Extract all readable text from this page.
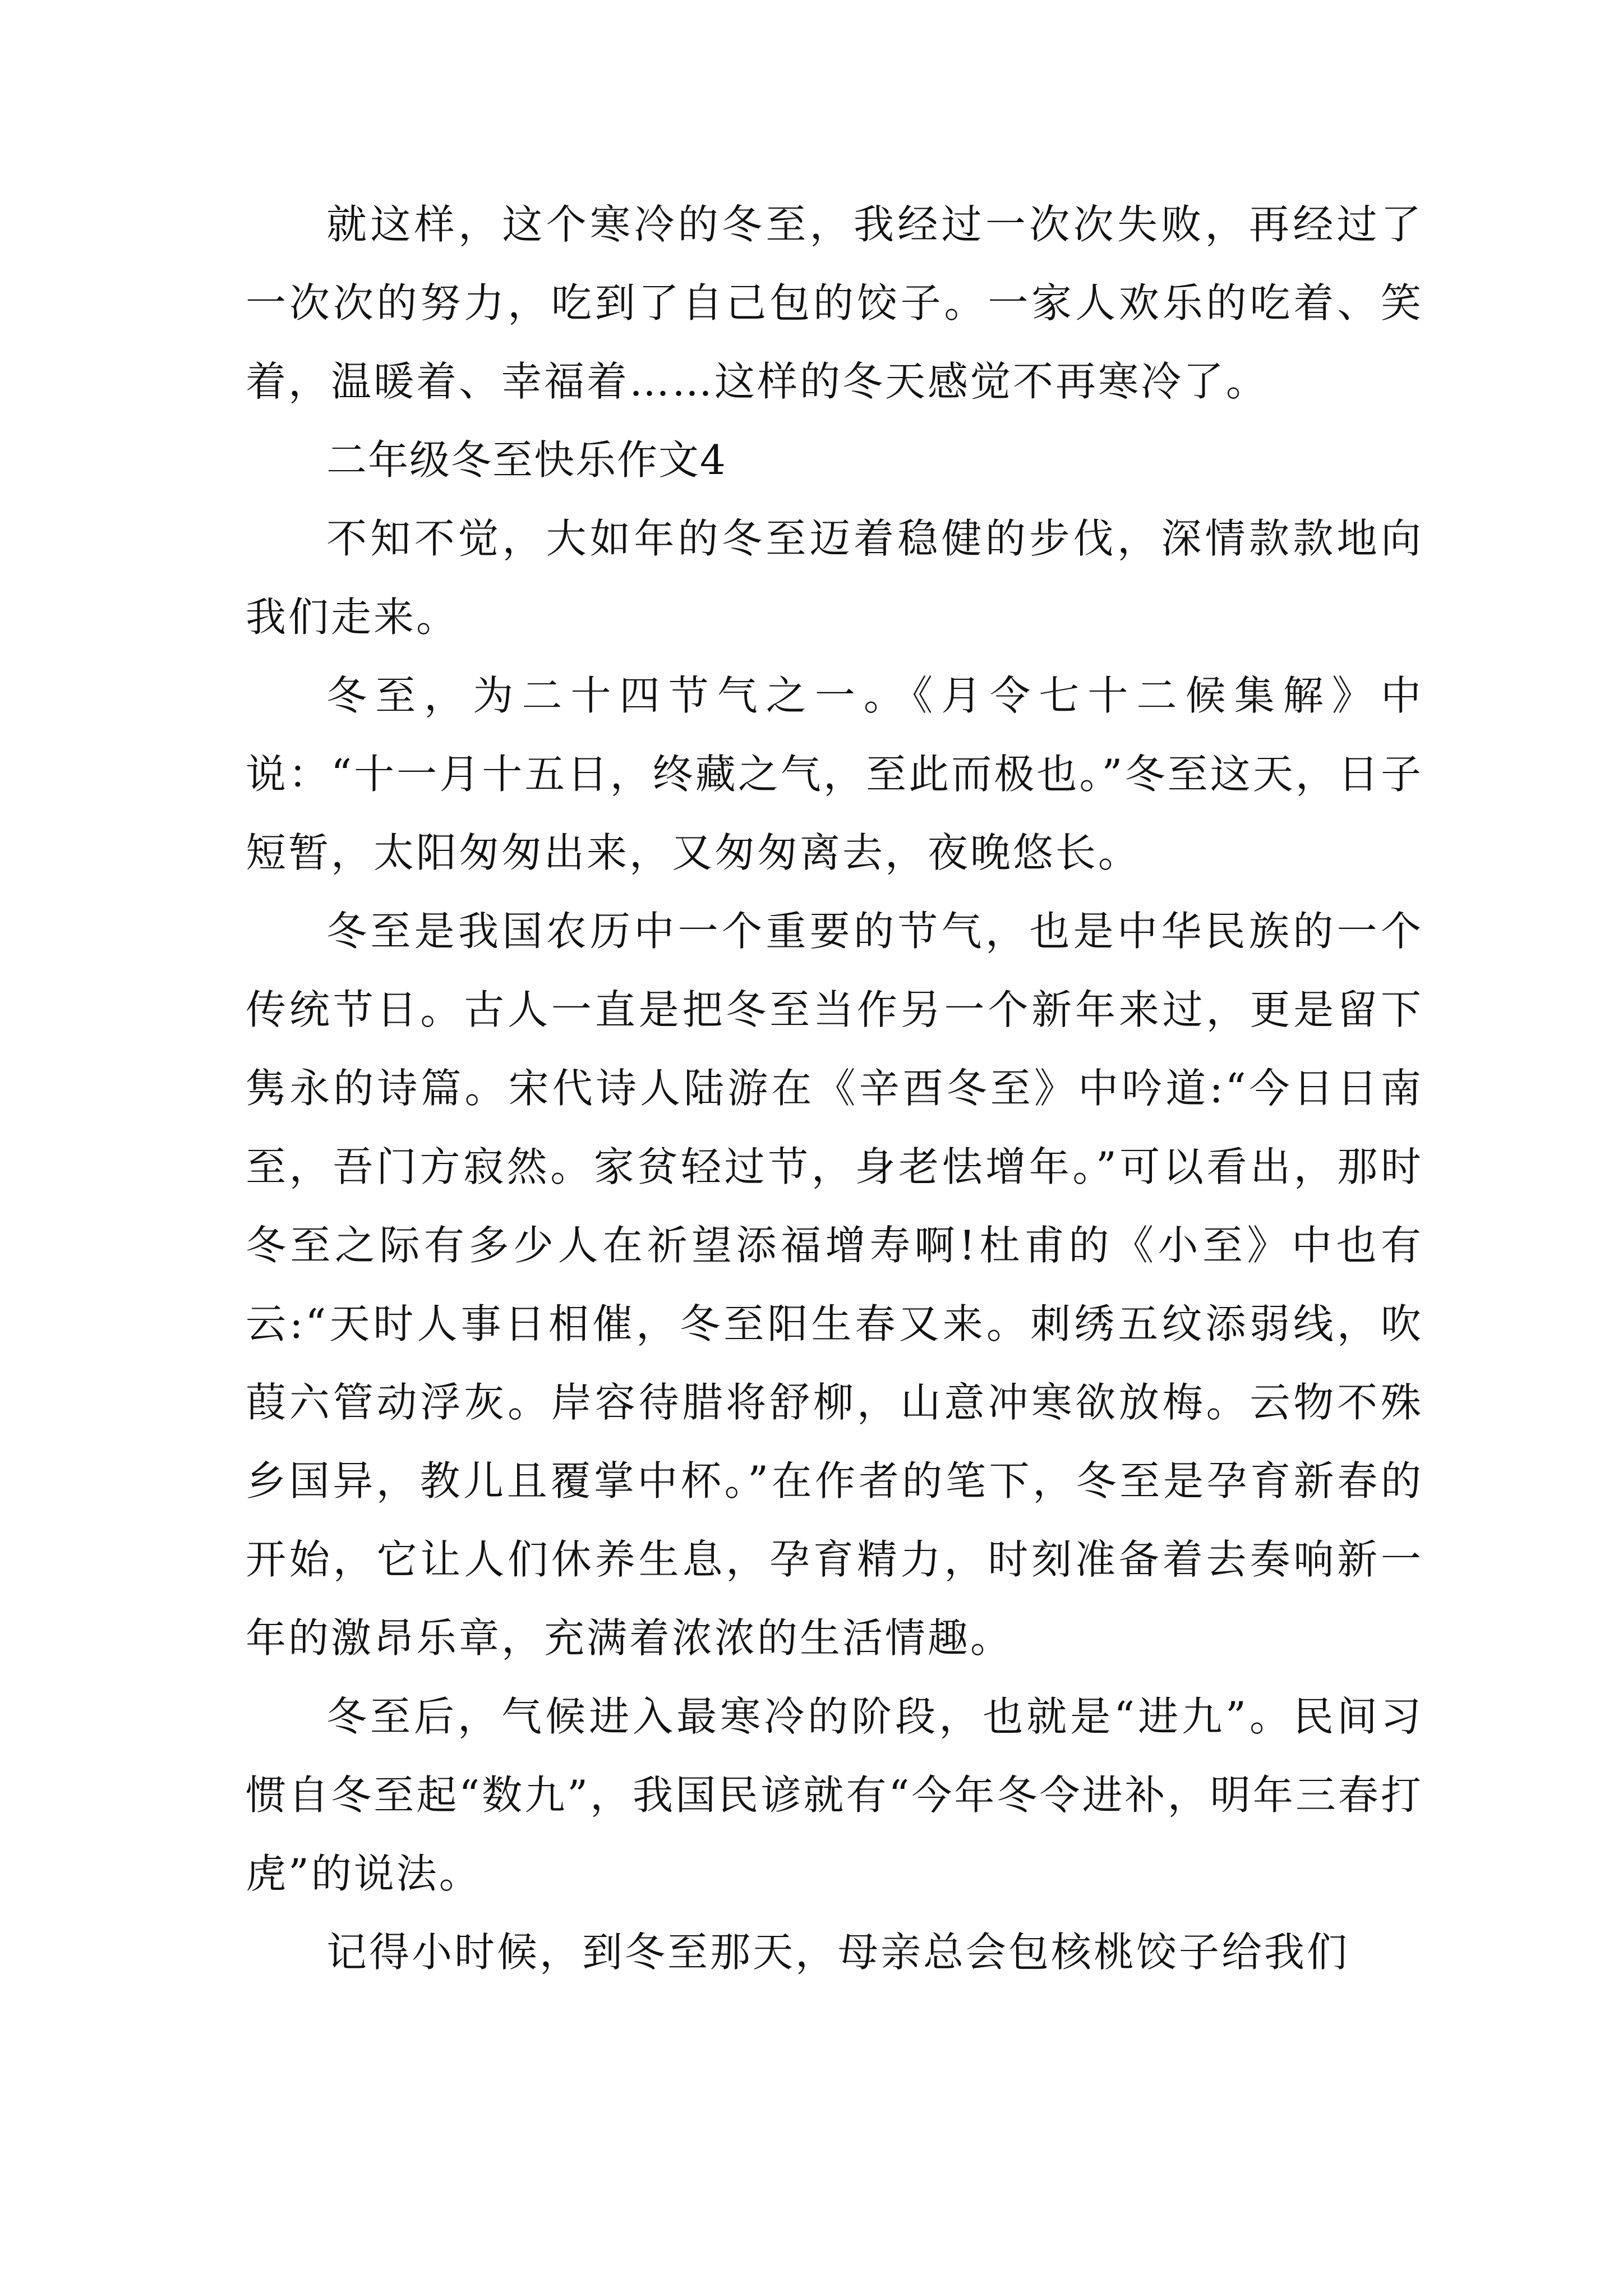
就这样，这个寒冷的冬至，我经过一次次失败，再经过了一次次的努力，吃到了自己包的饺子。一家人欢乐的吃着、笑着，温暖着、幸福着……这样的冬天感觉不再寒冷了。

二年级冬至快乐作文4

不知不觉，大如年的冬至迈着稳健的步伐，深情款款地向我们走来。

冬至，为二十四节气之一。《月令七十二候集解》中说：“十一月十五日，终藏之气，至此而极也。”冬至这天，日子短暂，太阳匆匆出来，又匆匆离去，夜晚悠长。

冬至是我国农历中一个重要的节气，也是中华民族的一个传统节日。古人一直是把冬至当作另一个新年来过，更是留下隽永的诗篇。宋代诗人陆游在《辛酉冬至》中吟道:“今日日南至，吾门方寂然。家贫轻过节，身老怯增年。”可以看出，那时冬至之际有多少人在祈望添福增寿啊!杜甫的《小至》中也有云:“天时人事日相催，冬至阳生春又来。刺绣五纹添弱线，吹葭六管动浮灰。岸容待腊将舒柳，山意冲寒欲放梅。云物不殊乡国异，教儿且覆掌中杯。”在作者的笔下，冬至是孕育新春的开始，它让人们休养生息，孕育精力，时刻准备着去奏响新一年的激昂乐章，充满着浓浓的生活情趣。

冬至后，气候进入最寒冷的阶段，也就是“进九”。民间习惯自冬至起“数九”，我国民谚就有“今年冬令进补，明年三春打虎”的说法。

记得小时候，到冬至那天，母亲总会包核桃饺子给我们
